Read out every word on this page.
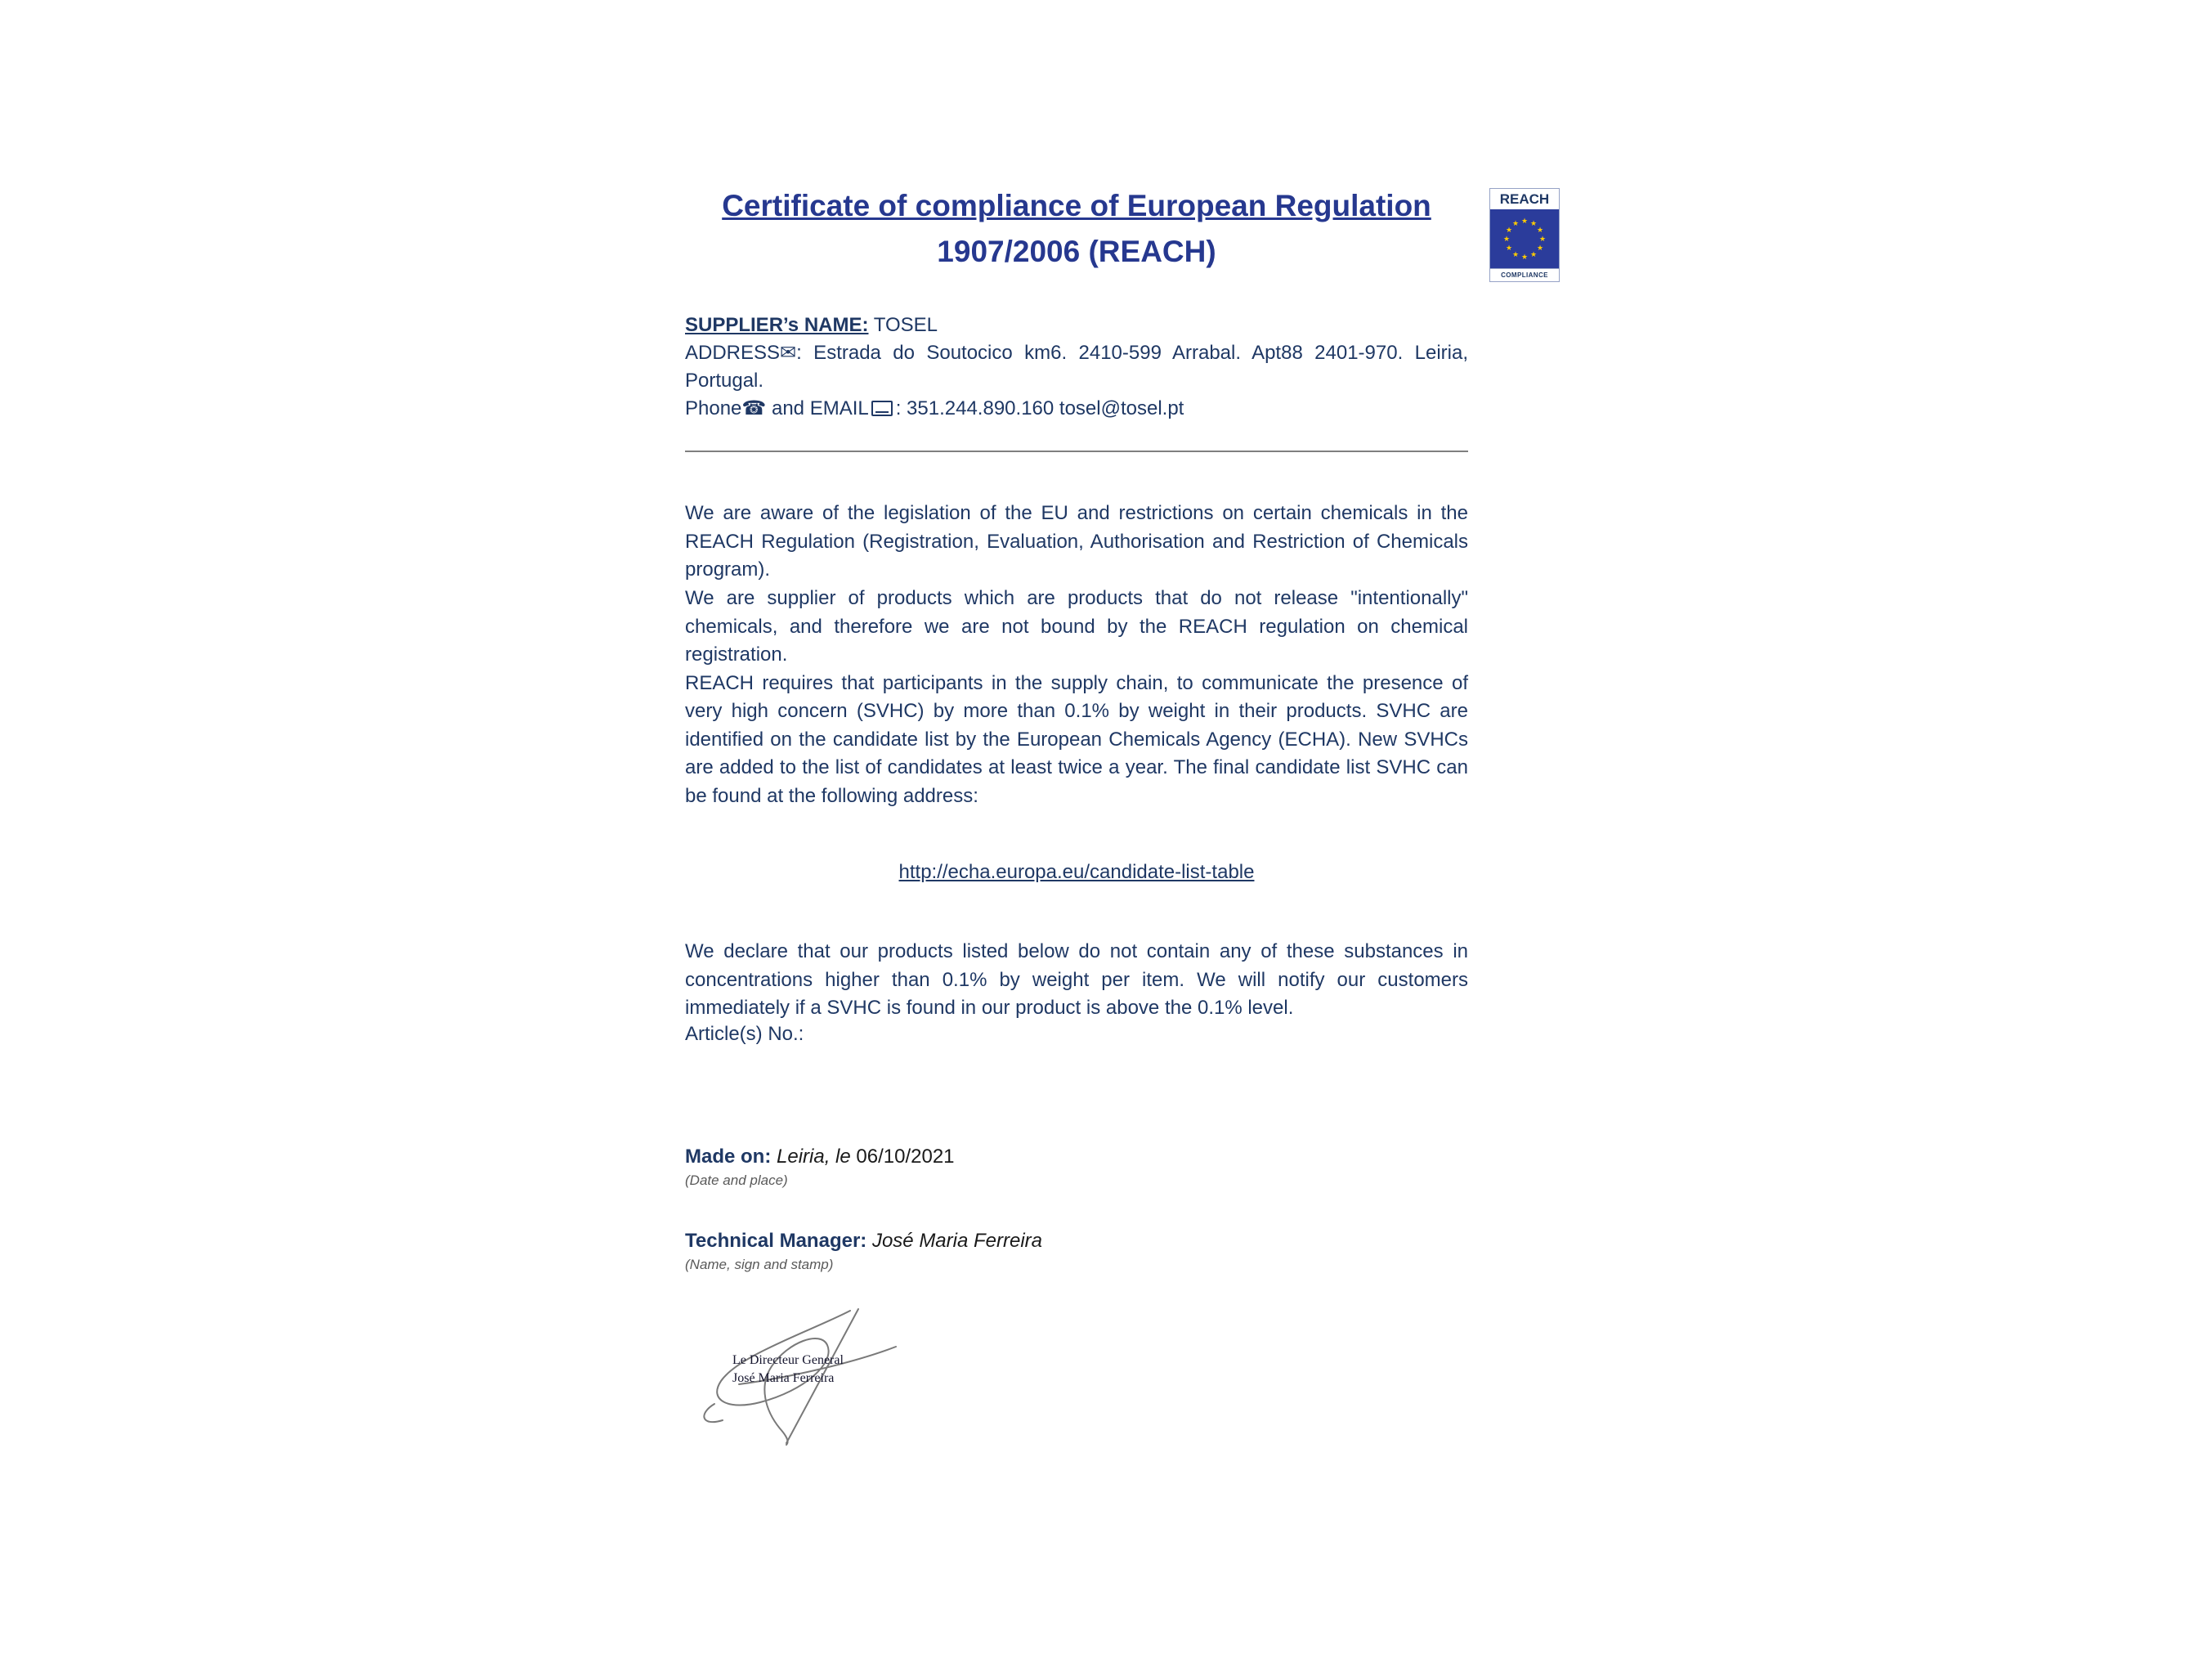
REACH
★ ★
★
★
★
★
★
★
★
★
★
★
COMPLIANCE
Certificate of compliance of European Regulation
1907/2006 (REACH)
SUPPLIER’s NAME: TOSEL
ADDRESS✉: Estrada do Soutocico km6. 2410-599 Arrabal. Apt88 2401-970. Leiria, Portugal.
Phone☎ and EMAIL : 351.244.890.160 tosel@tosel.pt

We are aware of the legislation of the EU and restrictions on certain chemicals in the REACH Regulation (Registration, Evaluation, Authorisation and Restriction of Chemicals program).

We are supplier of products which are products that do not release "intentionally" chemicals, and therefore we are not bound by the REACH regulation on chemical registration.

REACH requires that participants in the supply chain, to communicate the presence of very high concern (SVHC) by more than 0.1% by weight in their products. SVHC are identified on the candidate list by the European Chemicals Agency (ECHA). New SVHCs are added to the list of candidates at least twice a year. The final candidate list SVHC can be found at the following address:

http://echa.europa.eu/candidate-list-table

We declare that our products listed below do not contain any of these substances in concentrations higher than 0.1% by weight per item. We will notify our customers immediately if a SVHC is found in our product is above the 0.1% level.

Article(s) No.:
Made on: Leiria, le 06/10/2021
(Date and place)
Technical Manager: José Maria Ferreira
(Name, sign and stamp)
Le Directeur General
José Maria Ferreira
